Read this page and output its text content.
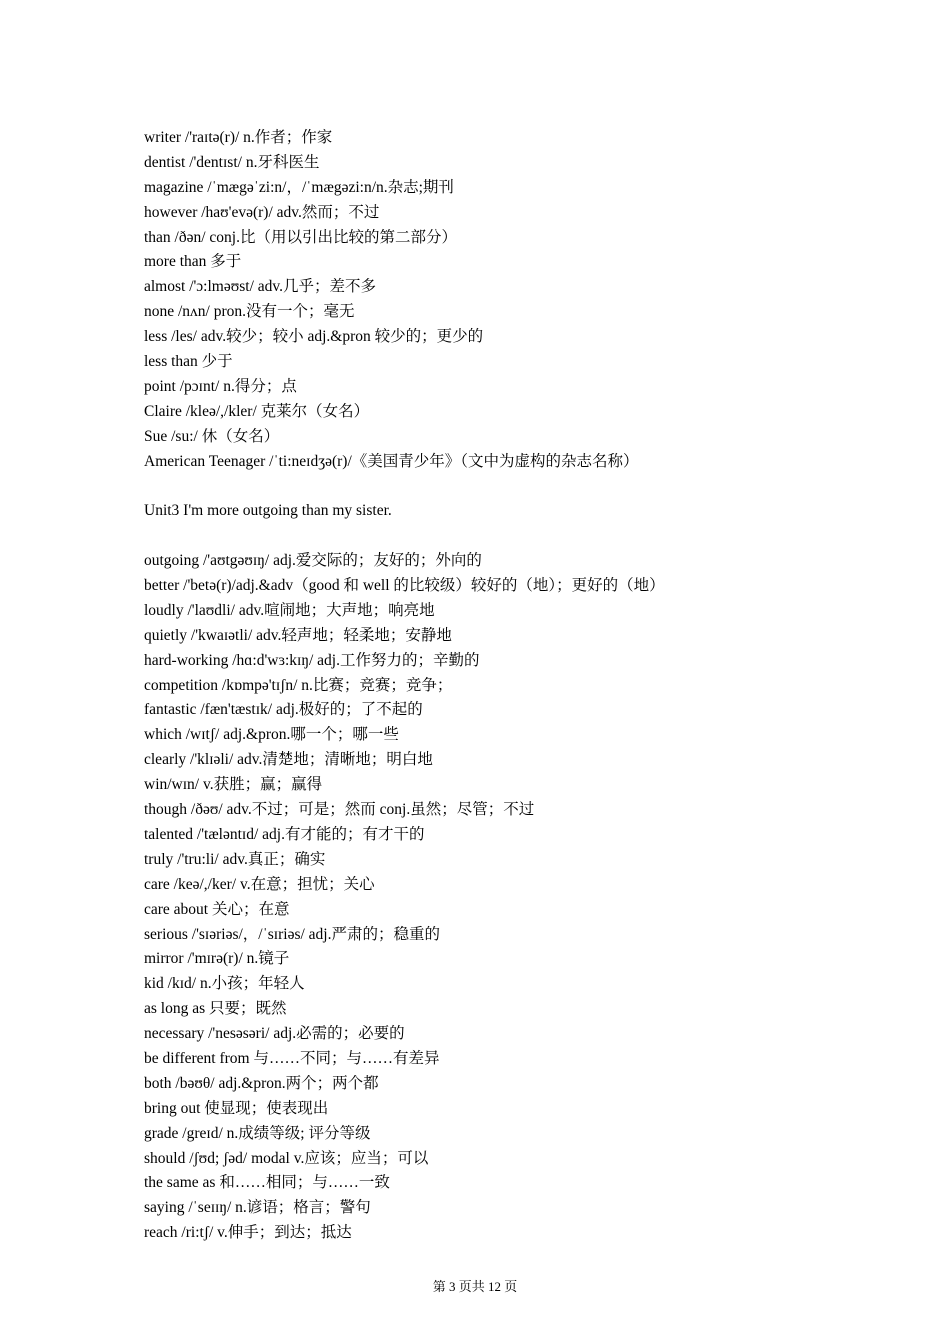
writer /'raɪtə(r)/ n.作者；作家
dentist /'dentɪst/ n.牙科医生
magazine /ˈmægəˈzi:n/，/ˈmægəzi:n/n.杂志;期刊
however /haʊ'evə(r)/ adv.然而；不过
than /ðən/ conj.比（用以引出比较的第二部分）
more than 多于
almost /'ɔ:lməʊst/ adv.几乎；差不多
none /nʌn/ pron.没有一个；毫无
less /les/ adv.较少；较小 adj.&pron 较少的；更少的
less than 少于
point /pɔɪnt/ n.得分；点
Claire /kleə/,/kler/ 克莱尔（女名）
Sue /su:/ 休（女名）
American Teenager /ˈti:neɪdʒə(r)/《美国青少年》（文中为虚构的杂志名称）
Unit3 I'm more outgoing than my sister.
outgoing /'aʊtgəʊɪŋ/ adj.爱交际的；友好的；外向的
better /'betə(r)/adj.&adv（good 和 well 的比较级）较好的（地）；更好的（地）
loudly /'laʊdli/ adv.喧闹地；大声地；响亮地
quietly /'kwaɪətli/ adv.轻声地；轻柔地；安静地
hard-working /hɑ:d'wɜ:kɪŋ/ adj.工作努力的；辛勤的
competition /kɒmpə'tɪʃn/ n.比赛；竞赛；竞争；
fantastic /fæn'tæstɪk/ adj.极好的；了不起的
which /wɪtʃ/ adj.&pron.哪一个；哪一些
clearly /'klɪəli/ adv.清楚地；清晰地；明白地
win/wɪn/ v.获胜；赢；赢得
though /ðəʊ/ adv.不过；可是；然而 conj.虽然；尽管；不过
talented /'tæləntɪd/ adj.有才能的；有才干的
truly /'tru:li/ adv.真正；确实
care /keə/,/ker/ v.在意；担忧；关心
care about 关心；在意
serious /'sɪəriəs/，/ˈsɪriəs/ adj.严肃的；稳重的
mirror /'mɪrə(r)/ n.镜子
kid /kɪd/ n.小孩；年轻人
as long as 只要；既然
necessary /'nesəsəri/ adj.必需的；必要的
be different from 与……不同；与……有差异
both /bəʊθ/ adj.&pron.两个；两个都
bring out 使显现；使表现出
grade /greɪd/ n.成绩等级; 评分等级
should /ʃʊd; ʃəd/ modal v.应该；应当；可以
the same as 和……相同；与……一致
saying /ˈseɪɪŋ/ n.谚语；格言；警句
reach /ri:tʃ/ v.伸手；到达；抵达
第 3 页共 12 页
